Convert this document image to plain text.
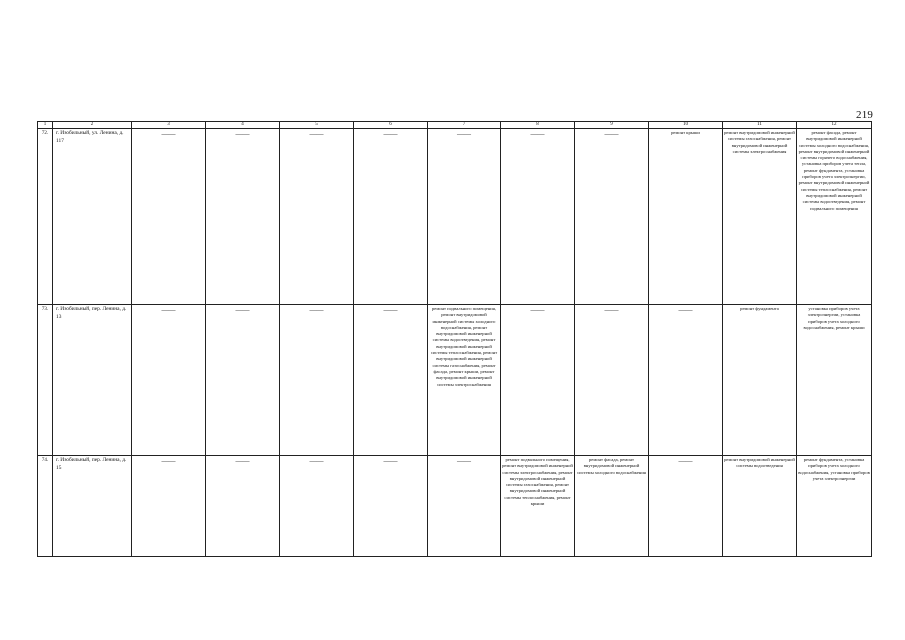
219
1	2	3	4	5	6	7	8	9	10	11	12
72.	г. Изобильный, ул. Ленина, д. 117	——	——	——	——	——	——	——	ремонт крыши	ремонт внутридомовой инженерной системы газоснабжения, ремонт внутридомовой инженерной системы электроснабжения	ремонт фасада, ремонт внутридомовой инженерной системы холодного водоснабжения, ремонт внутридомовой инженерной системы горячего водоснабжения, установка приборов учета тепла, ремонт фундамента, установка приборов учета электроэнергии, ремонт внутридомовой инженерной системы теплоснабжения, ремонт внутридомовой инженерной системы водоотведения, ремонт подвального помещения
73.	г. Изобильный, пер. Ленина, д. 13	——	——	——	——	ремонт подвального помещения, ремонт внутридомовой инженерной системы холодного водоснабжения, ремонт внутридомовой инженерной системы водоотведения, ремонт внутридомовой инженерной системы теплоснабжения, ремонт внутридомовой инженерной системы газоснабжения, ремонт фасада, ремонт крыши, ремонт внутридомовой инженерной системы электроснабжения	——	——	——	ремонт фундамента	установка приборов учета электроэнергии, установка приборов учета холодного водоснабжения, ремонт крыши
74.	г. Изобильный, пер. Ленина, д. 15	——	——	——	——	——	ремонт подвального помещения, ремонт внутридомовой инженерной системы электроснабжения, ремонт внутридомовой инженерной системы газоснабжения, ремонт внутридомовой инженерной системы теплоснабжения, ремонт крыши	ремонт фасада, ремонт внутридомовой инженерной системы холодного водоснабжения	——	ремонт внутридомовой инженерной системы водоотведения	ремонт фундамента, установка приборов учета холодного водоснабжения, установка приборов учета электроэнергии
